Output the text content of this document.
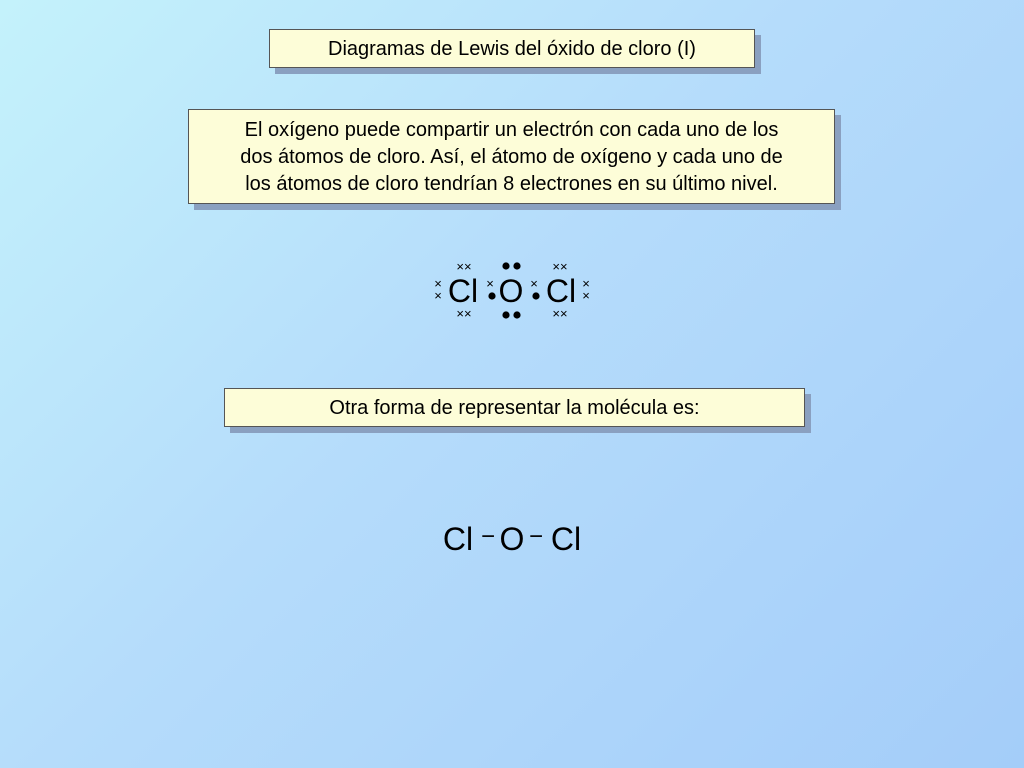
Diagramas de Lewis del óxido de cloro (I)
El oxígeno puede compartir un electrón con cada uno de los
dos átomos de cloro. Así, el átomo de oxígeno y cada uno de
los átomos de cloro tendrían 8 electrones en su último nivel.
Cl O Cl
××
××
×
×
×	×
××
××
×
×
Otra forma de representar la molécula es:
Cl − O − Cl
